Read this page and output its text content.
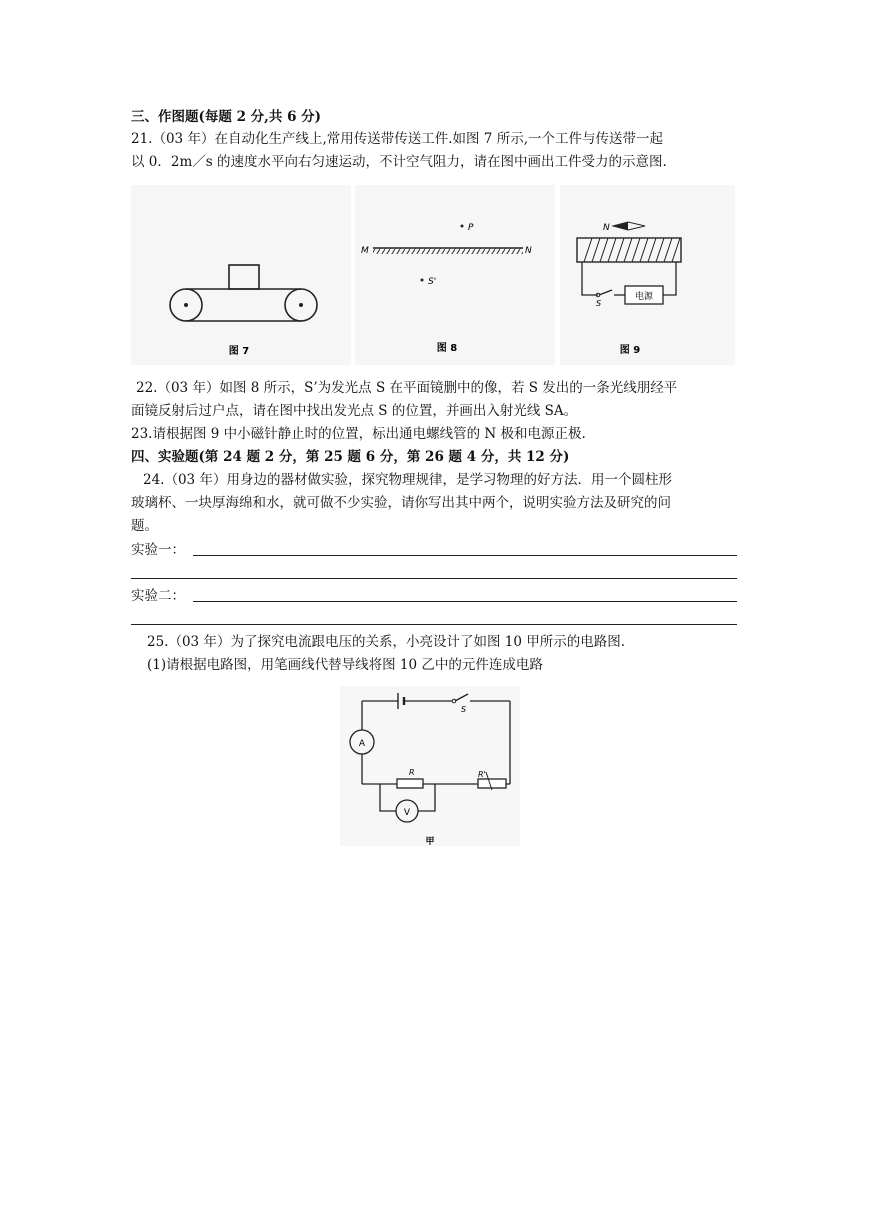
三、作图题(每题 2 分,共 6 分)
21.（03 年）在自动化生产线上,常用传送带传送工件.如图 7 所示,一个工件与传送带一起
以 0．2m／s 的速度水平向右匀速运动，不计空气阻力，请在图中画出工件受力的示意图.
图 7
M	N
P
S'
图 8
N
S
电源
图 9
22.（03 年）如图 8 所示，S’为发光点 S 在平面镜删中的像，若 S 发出的一条光线朋经平
面镜反射后过户点，请在图中找出发光点 S 的位置，并画出入射光线 SA。
23.请根据图 9 中小磁针静止时的位置，标出通电螺线管的 N 极和电源正极.
四、实验题(第 24 题 2 分，第 25 题 6 分，第 26 题 4 分，共 12 分)
24.（03 年）用身边的器材做实验，探究物理规律，是学习物理的好方法．用一个圆柱形
玻璃杯、一块厚海绵和水，就可做不少实验，请你写出其中两个，说明实验方法及研究的问
题。
实验一：
实验二：
25.（03 年）为了探究电流跟电压的关系，小亮设计了如图 10 甲所示的电路图.
(1)请根据电路图，用笔画线代替导线将图 10 乙中的元件连成电路
S
A
R	R'
V
甲
